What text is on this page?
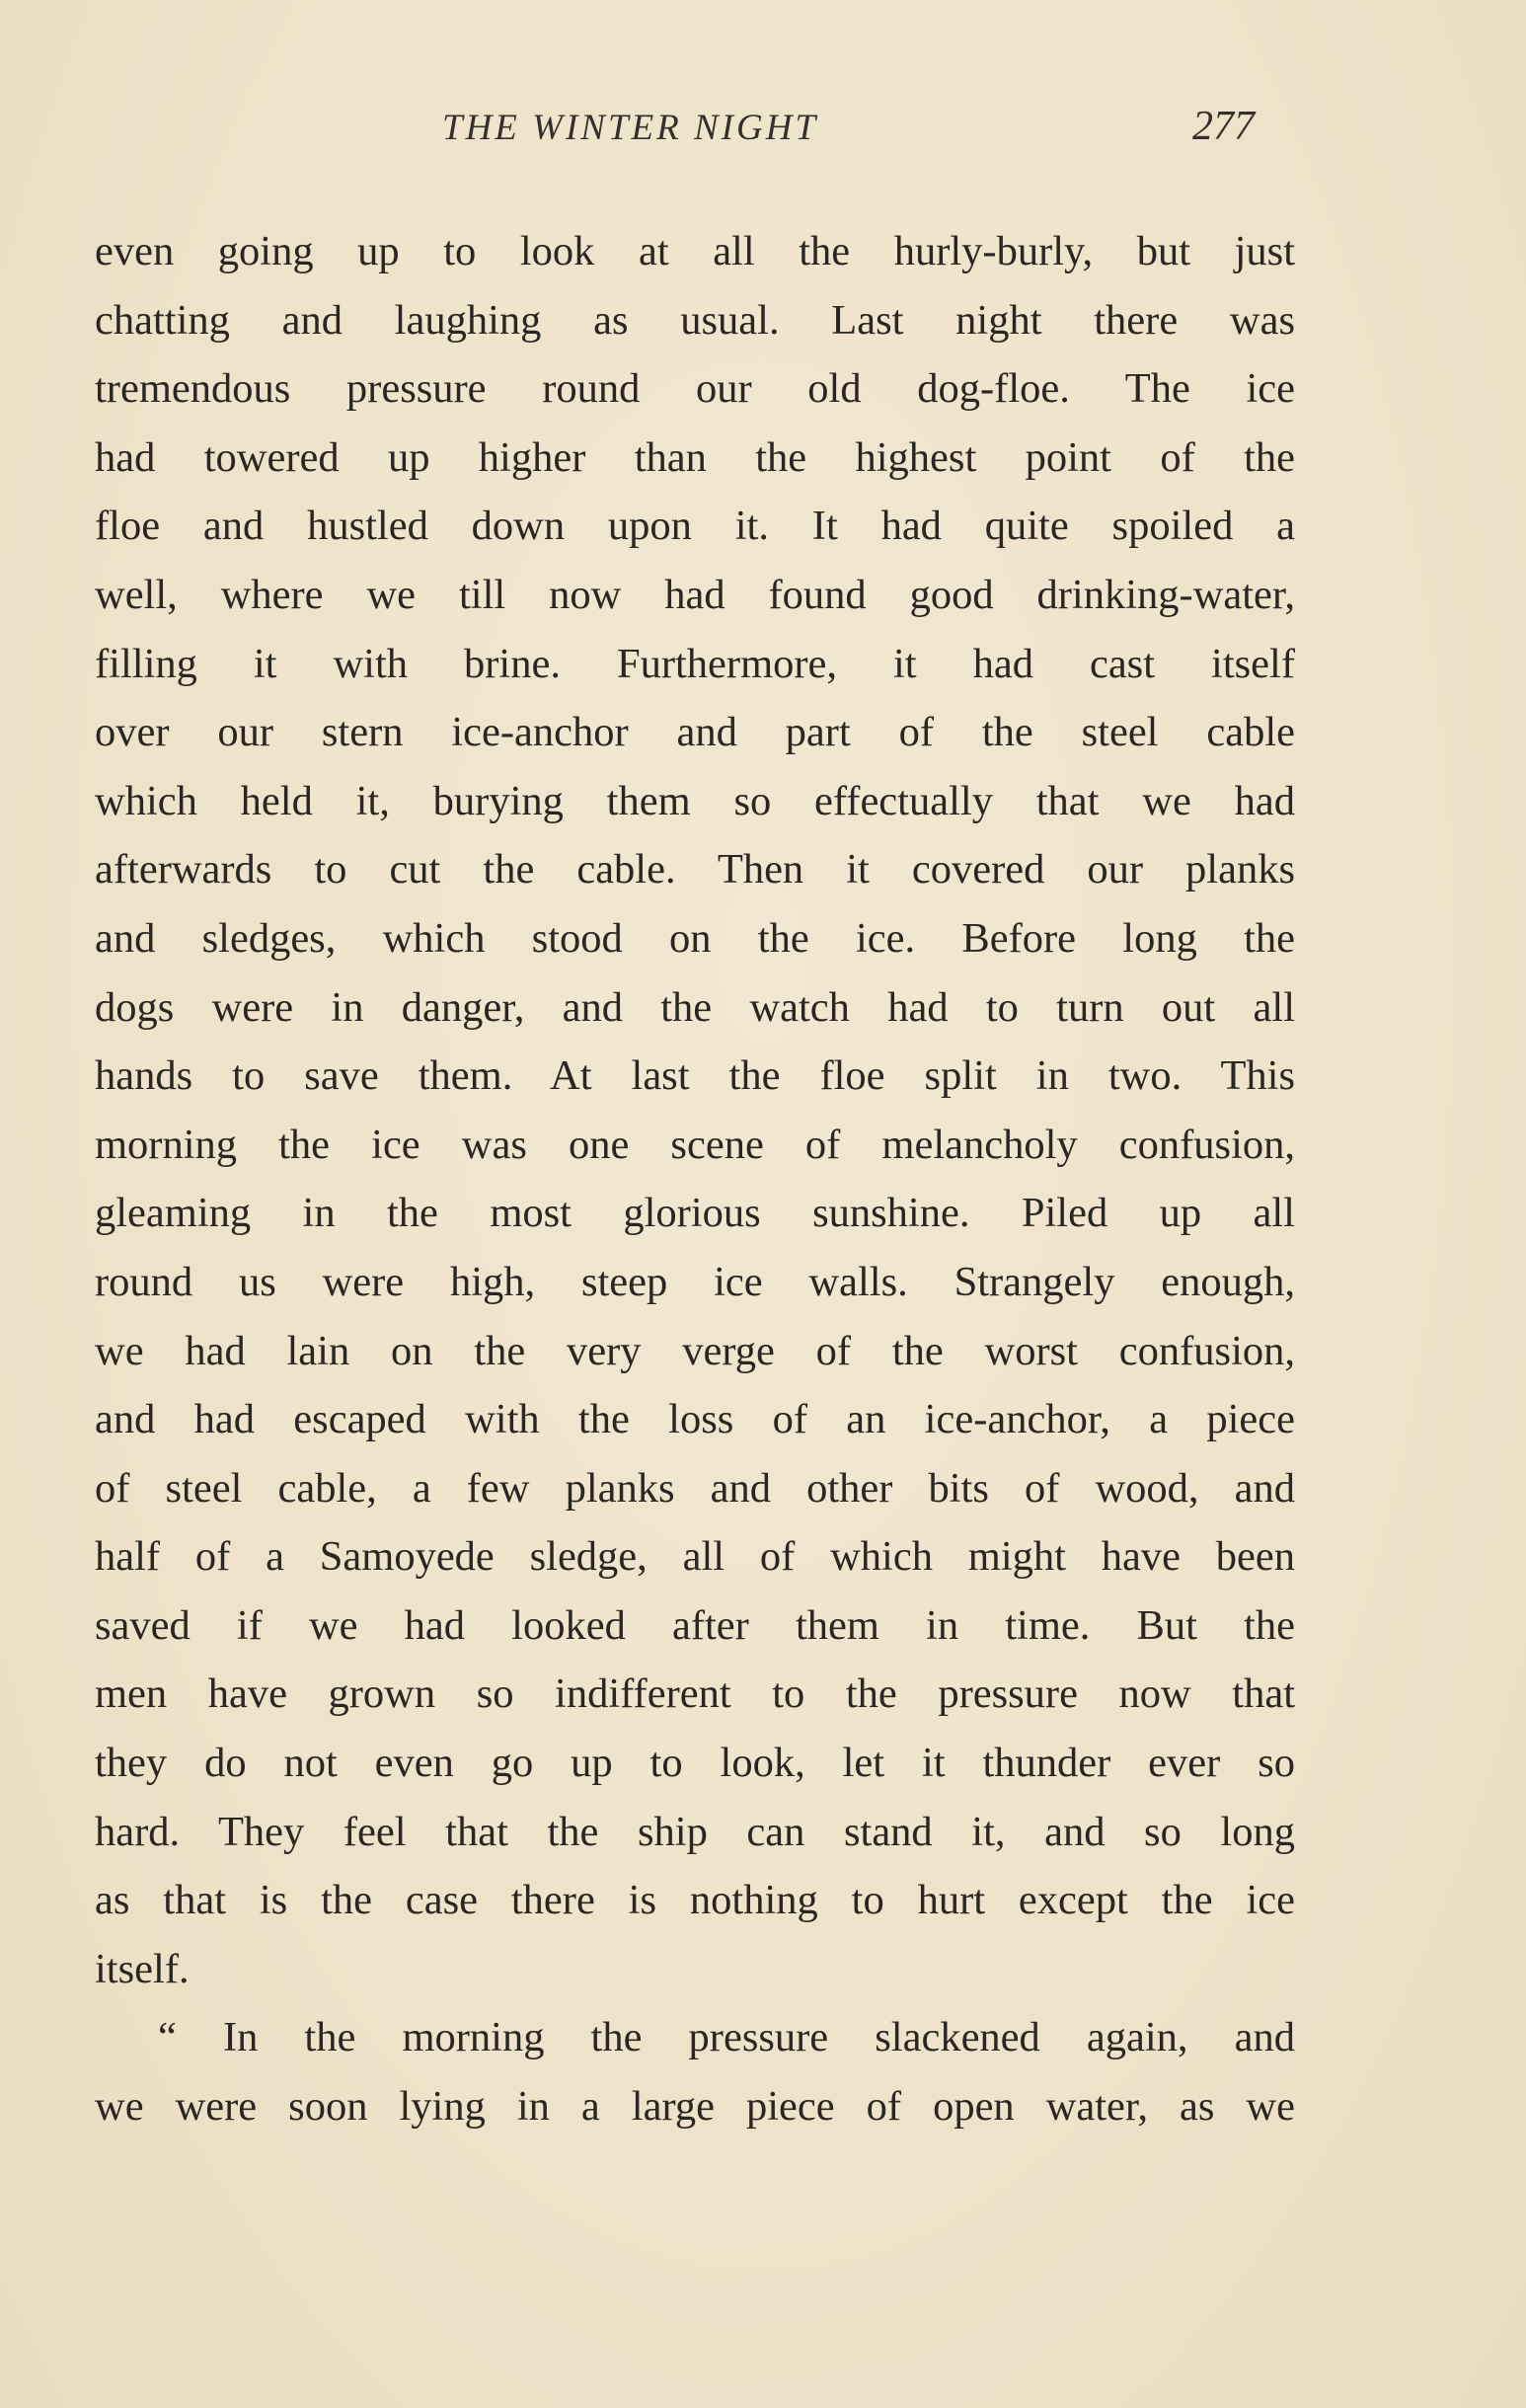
THE WINTER NIGHT	277
even going up to look at all the hurly-burly, but just
chatting and laughing as usual. Last night there was
tremendous pressure round our old dog-floe. The ice
had towered up higher than the highest point of the
floe and hustled down upon it. It had quite spoiled a
well, where we till now had found good drinking-water,
filling it with brine. Furthermore, it had cast itself
over our stern ice-anchor and part of the steel cable
which held it, burying them so effectually that we had
afterwards to cut the cable. Then it covered our planks
and sledges, which stood on the ice. Before long the
dogs were in danger, and the watch had to turn out all
hands to save them. At last the floe split in two. This
morning the ice was one scene of melancholy confusion,
gleaming in the most glorious sunshine. Piled up all
round us were high, steep ice walls. Strangely enough,
we had lain on the very verge of the worst confusion,
and had escaped with the loss of an ice-anchor, a piece
of steel cable, a few planks and other bits of wood, and
half of a Samoyede sledge, all of which might have been
saved if we had looked after them in time. But the
men have grown so indifferent to the pressure now that
they do not even go up to look, let it thunder ever so
hard. They feel that the ship can stand it, and so long
as that is the case there is nothing to hurt except the ice
itself.
“ In the morning the pressure slackened again, and
we were soon lying in a large piece of open water, as we
